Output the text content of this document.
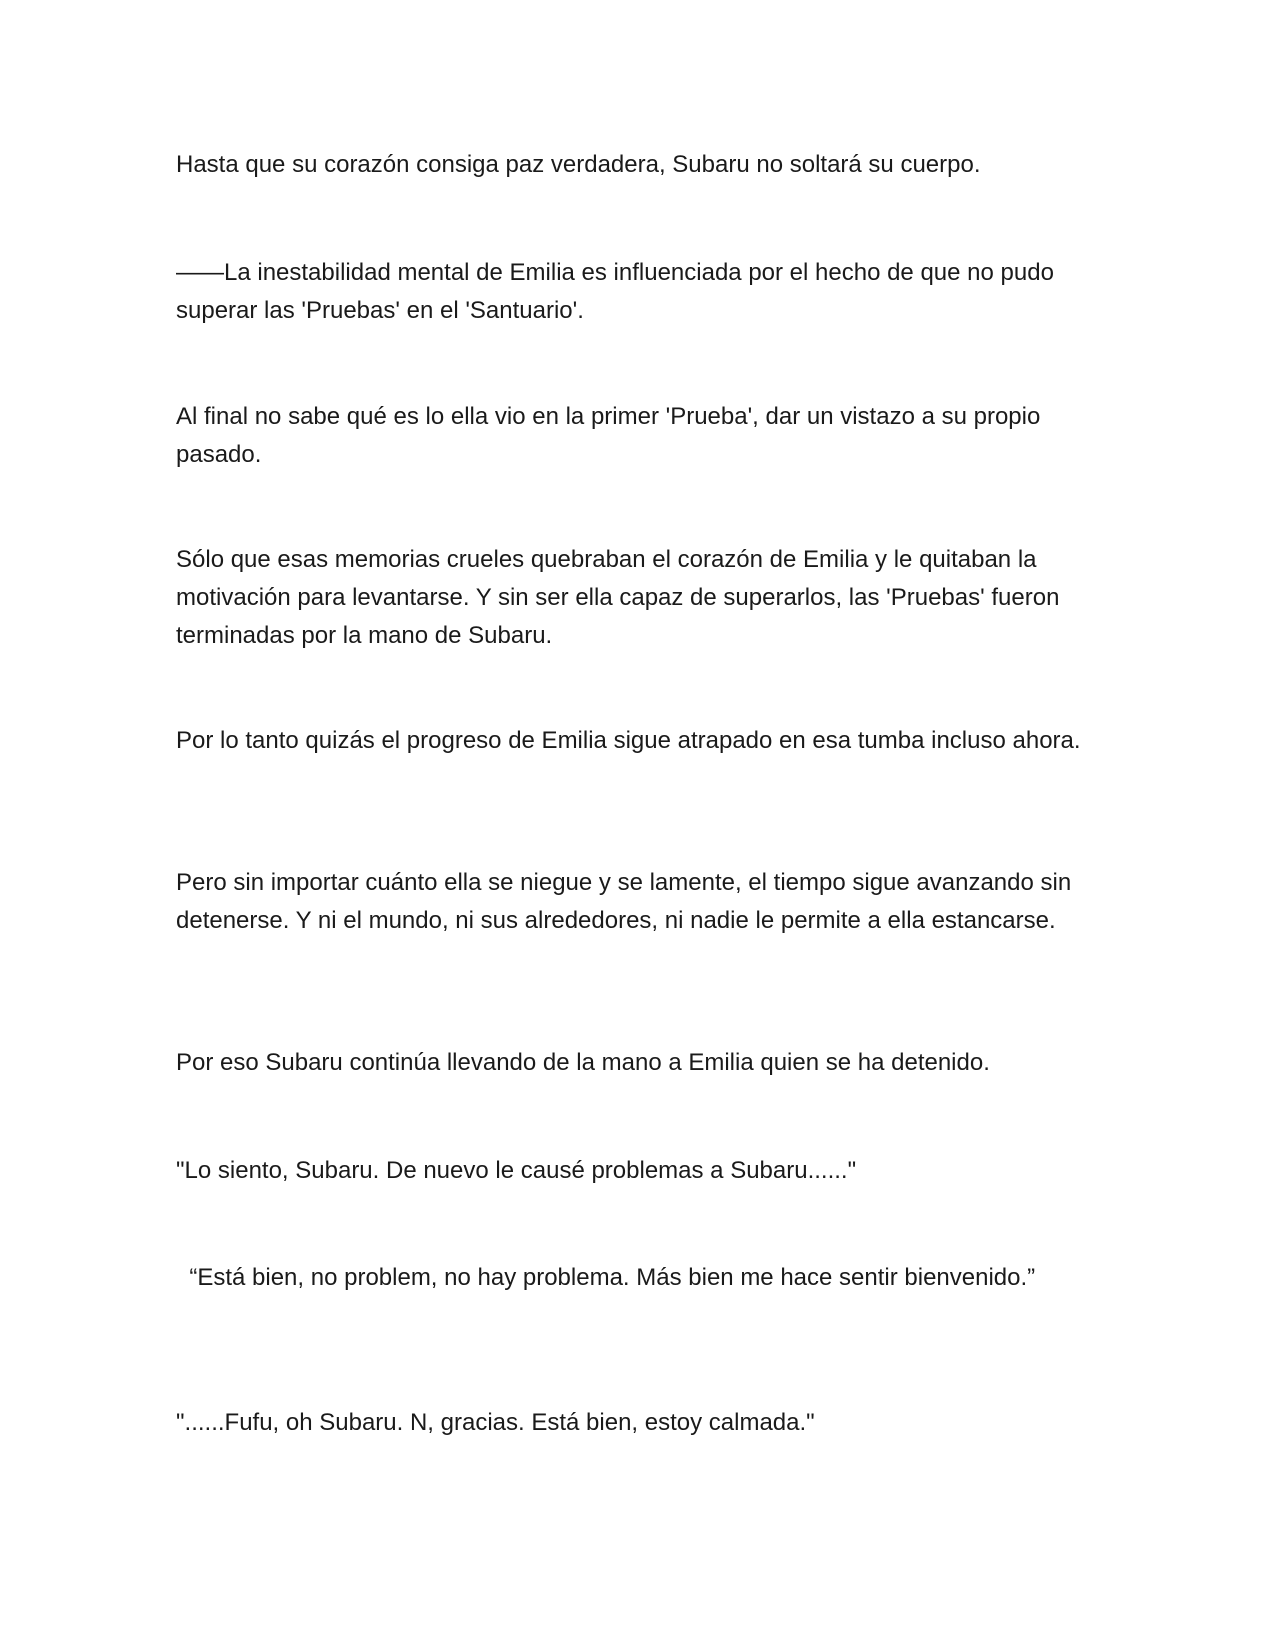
Hasta que su corazón consiga paz verdadera, Subaru no soltará su cuerpo.

——La inestabilidad mental de Emilia es influenciada por el hecho de que no pudo superar las 'Pruebas' en el 'Santuario'.

Al final no sabe qué es lo ella vio en la primer 'Prueba', dar un vistazo a su propio pasado.

Sólo que esas memorias crueles quebraban el corazón de Emilia y le quitaban la motivación para levantarse. Y sin ser ella capaz de superarlos, las 'Pruebas' fueron terminadas por la mano de Subaru.

Por lo tanto quizás el progreso de Emilia sigue atrapado en esa tumba incluso ahora.

Pero sin importar cuánto ella se niegue y se lamente, el tiempo sigue avanzando sin detenerse. Y ni el mundo, ni sus alrededores, ni nadie le permite a ella estancarse.

Por eso Subaru continúa llevando de la mano a Emilia quien se ha detenido.

"Lo siento, Subaru. De nuevo le causé problemas a Subaru......"

“Está bien, no problem, no hay problema. Más bien me hace sentir bienvenido.”

"......Fufu, oh Subaru. N, gracias. Está bien, estoy calmada."
